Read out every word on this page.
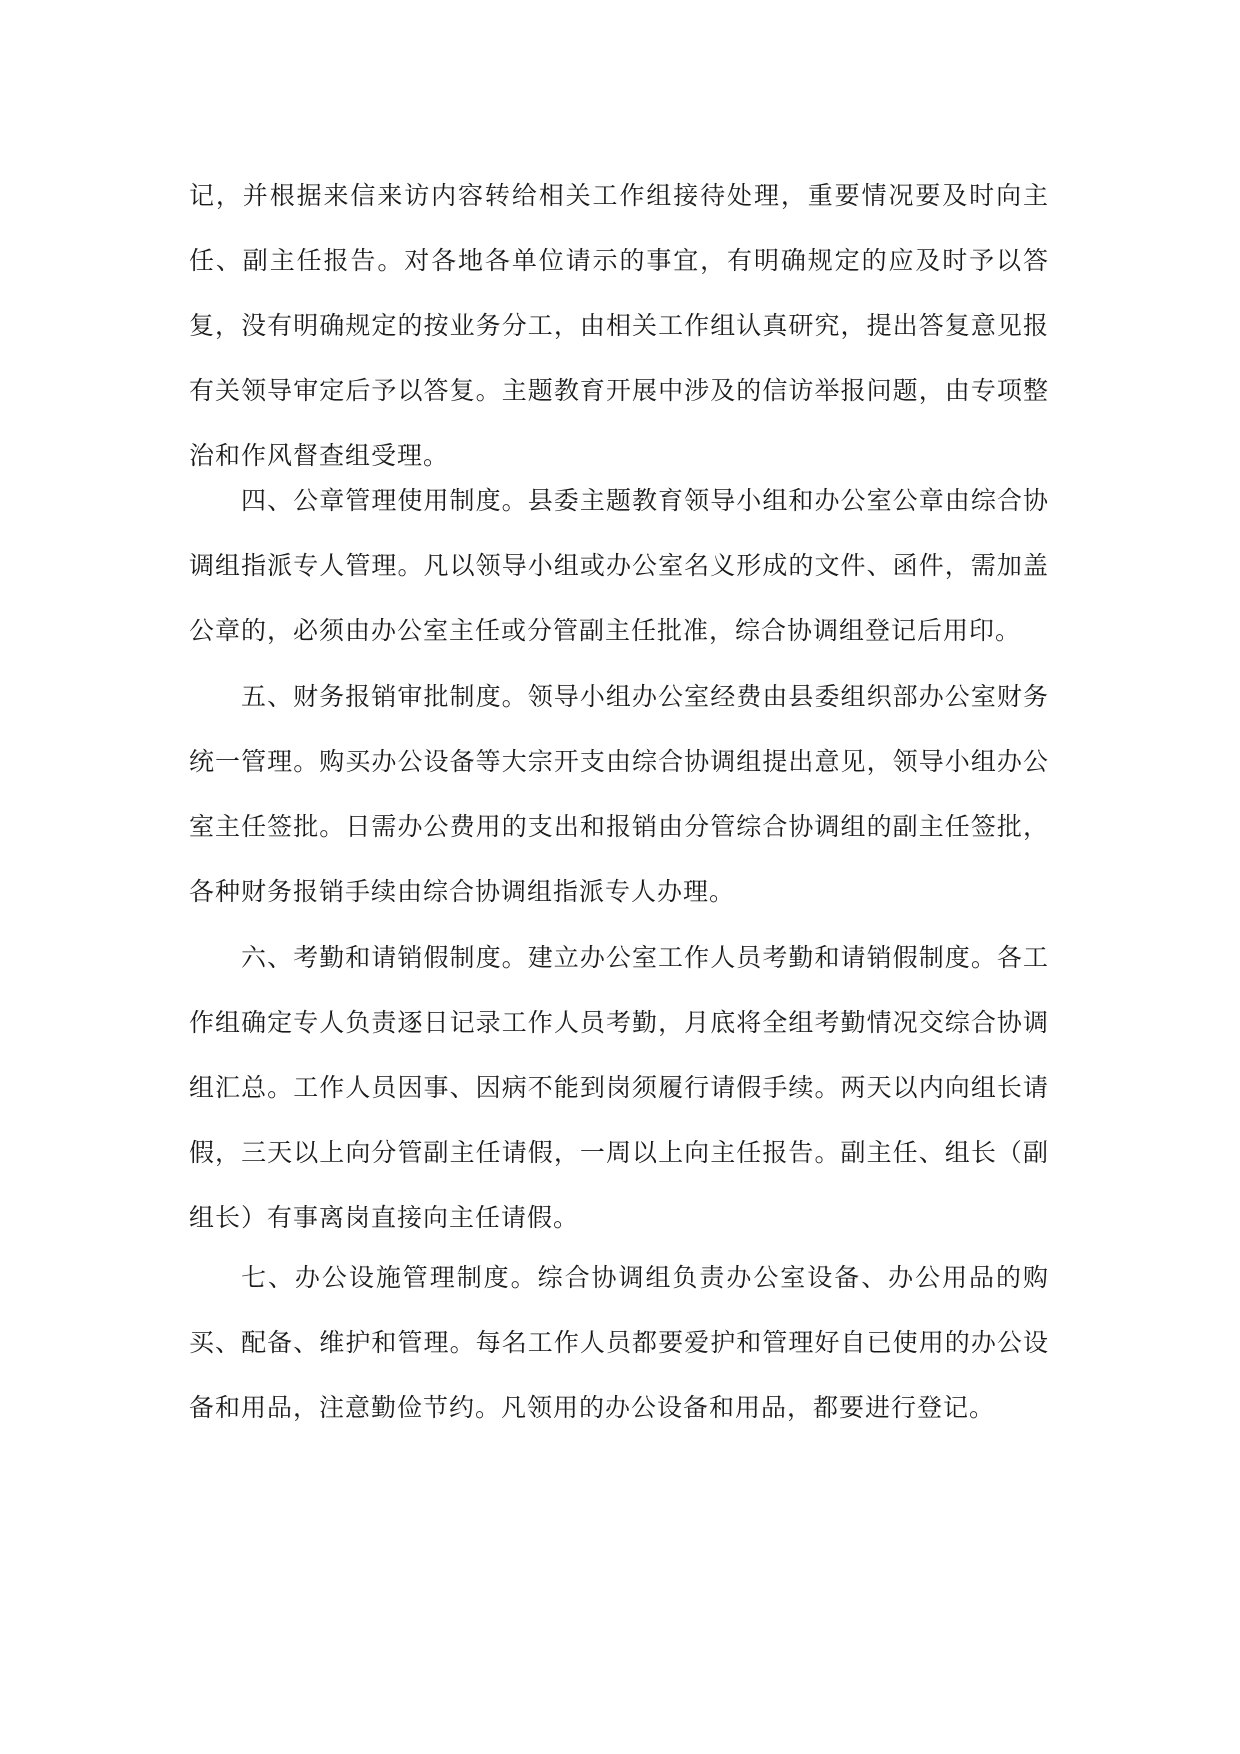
记，并根据来信来访内容转给相关工作组接待处理，重要情况要及时向主任、副主任报告。对各地各单位请示的事宜，有明确规定的应及时予以答复，没有明确规定的按业务分工，由相关工作组认真研究，提出答复意见报有关领导审定后予以答复。主题教育开展中涉及的信访举报问题，由专项整治和作风督查组受理。

四、公章管理使用制度。县委主题教育领导小组和办公室公章由综合协调组指派专人管理。凡以领导小组或办公室名义形成的文件、函件，需加盖公章的，必须由办公室主任或分管副主任批准，综合协调组登记后用印。

五、财务报销审批制度。领导小组办公室经费由县委组织部办公室财务统一管理。购买办公设备等大宗开支由综合协调组提出意见，领导小组办公室主任签批。日需办公费用的支出和报销由分管综合协调组的副主任签批，各种财务报销手续由综合协调组指派专人办理。

六、考勤和请销假制度。建立办公室工作人员考勤和请销假制度。各工作组确定专人负责逐日记录工作人员考勤，月底将全组考勤情况交综合协调组汇总。工作人员因事、因病不能到岗须履行请假手续。两天以内向组长请假，三天以上向分管副主任请假，一周以上向主任报告。副主任、组长（副组长）有事离岗直接向主任请假。

七、办公设施管理制度。综合协调组负责办公室设备、办公用品的购买、配备、维护和管理。每名工作人员都要爱护和管理好自已使用的办公设备和用品，注意勤俭节约。凡领用的办公设备和用品，都要进行登记。
